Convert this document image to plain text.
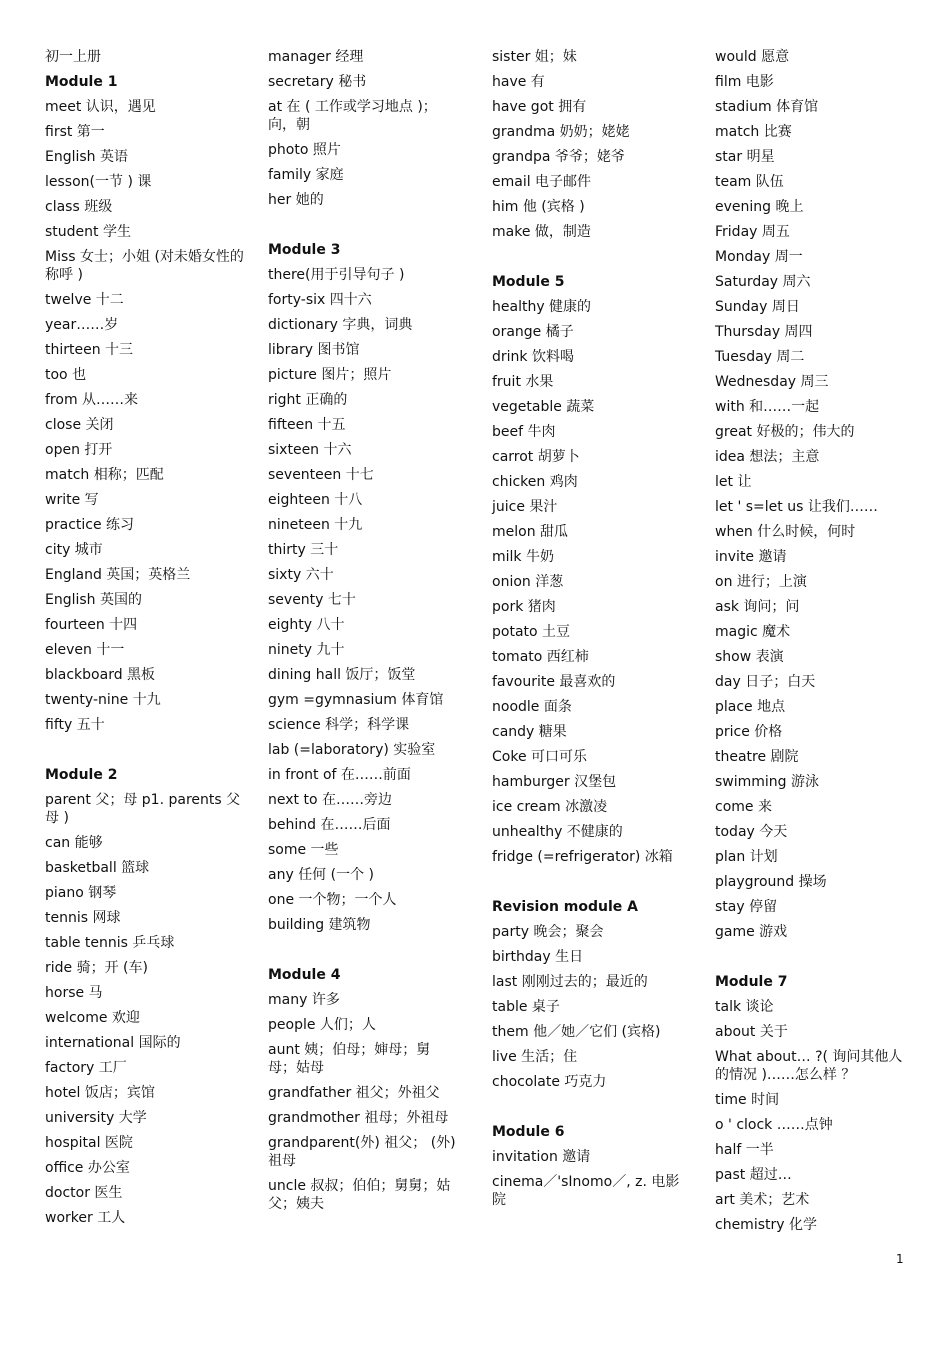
初一上册
Module 1
meet 认识，遇见
first 第一
English 英语
lesson(一节 ) 课
class 班级
student 学生
Miss 女士；小姐 (对未婚女性的称呼 )
twelve 十二
year……岁
thirteen 十三
too 也
from 从……来
close 关闭
open 打开
match 相称；匹配
write 写
practice 练习
city 城市
England 英国；英格兰
English 英国的
fourteen 十四
eleven 十一
blackboard 黑板
twenty-nine 十九
fifty 五十
Module 2
parent 父；母 p1. parents 父母 )
can 能够
basketball 篮球
piano 钢琴
tennis 网球
table tennis 乒乓球
ride 骑；开 (车)
horse 马
welcome 欢迎
international 国际的
factory 工厂
hotel 饭店；宾馆
university 大学
hospital 医院
office 办公室
doctor 医生
worker 工人
manager 经理
secretary 秘书
at 在 ( 工作或学习地点 )；向，朝
photo 照片
family 家庭
her 她的
Module 3
there(用于引导句子 )
forty-six 四十六
dictionary 字典，词典
library 图书馆
picture 图片；照片
right 正确的
fifteen 十五
sixteen 十六
seventeen 十七
eighteen 十八
nineteen 十九
thirty 三十
sixty 六十
seventy 七十
eighty 八十
ninety 九十
dining hall 饭厅；饭堂
gym =gymnasium 体育馆
science 科学；科学课
lab (=laboratory) 实验室
in front of 在……前面
next to 在……旁边
behind 在……后面
some 一些
any 任何 (一个 )
one 一个物；一个人
building 建筑物
Module 4
many 许多
people 人们；人
aunt 姨；伯母；婶母；舅母；姑母
grandfather 祖父；外祖父
grandmother 祖母；外祖母
grandparent(外) 祖父； (外)祖母
uncle 叔叔；伯伯；舅舅；姑父；姨夫
sister 姐；妹
have 有
have got 拥有
grandma 奶奶；姥姥
grandpa 爷爷；姥爷
email 电子邮件
him 他 (宾格 )
make 做，制造
Module 5
healthy 健康的
orange 橘子
drink 饮料喝
fruit 水果
vegetable 蔬菜
beef 牛肉
carrot 胡萝卜
chicken 鸡肉
juice 果汁
melon 甜瓜
milk 牛奶
onion 洋葱
pork 猪肉
potato 土豆
tomato 西红柿
favourite 最喜欢的
noodle 面条
candy 糖果
Coke 可口可乐
hamburger 汉堡包
ice cream 冰激凌
unhealthy 不健康的
fridge (=refrigerator) 冰箱
Revision module A
party 晚会；聚会
birthday 生日
last 刚刚过去的；最近的
table 桌子
them 他／她／它们 (宾格)
live 生活；住
chocolate 巧克力
Module 6
invitation 邀请
cinema／'sInomo／, z. 电影院
would 愿意
film 电影
stadium 体育馆
match 比赛
star 明星
team 队伍
evening 晚上
Friday 周五
Monday 周一
Saturday 周六
Sunday 周日
Thursday 周四
Tuesday 周二
Wednesday 周三
with 和……一起
great 好极的；伟大的
idea 想法；主意
let 让
let ' s=let us 让我们……
when 什么时候，何时
invite 邀请
on 进行；上演
ask 询问；问
magic 魔术
show 表演
day 日子；白天
place 地点
price 价格
theatre 剧院
swimming 游泳
come 来
today 今天
plan 计划
playground 操场
stay 停留
game 游戏
Module 7
talk 谈论
about 关于
What about… ?( 询问其他人的情况 )……怎么样 ？
time 时间
o ' clock ……点钟
half 一半
past 超过…
art 美术；艺术
chemistry 化学
1
